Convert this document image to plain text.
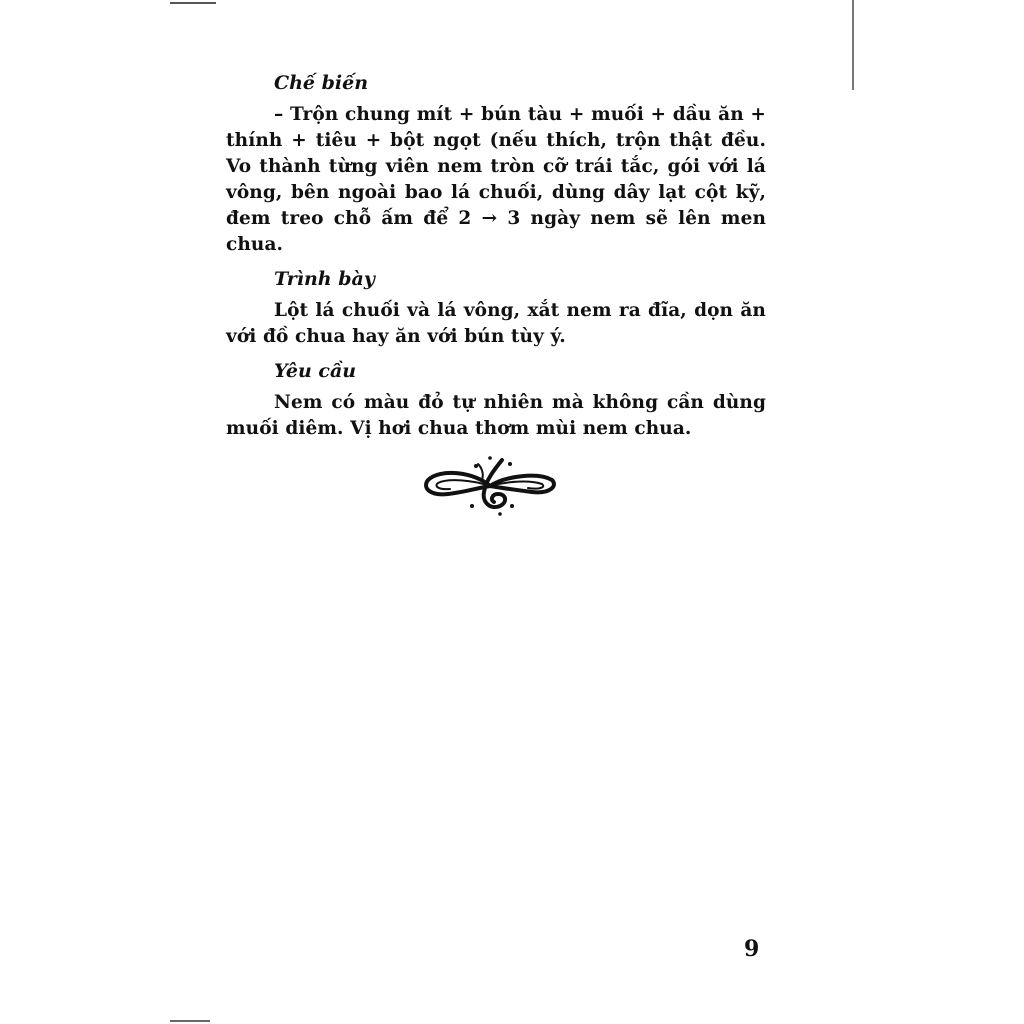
Chế biến

– Trộn chung mít + bún tàu + muối + dầu ăn + thính + tiêu + bột ngọt (nếu thích, trộn thật đều. Vo thành từng viên nem tròn cỡ trái tắc, gói với lá vông, bên ngoài bao lá chuối, dùng dây lạt cột kỹ, đem treo chỗ ấm để 2 → 3 ngày nem sẽ lên men chua.

Trình bày

Lột lá chuối và lá vông, xắt nem ra đĩa, dọn ăn với đồ chua hay ăn với bún tùy ý.

Yêu cầu

Nem có màu đỏ tự nhiên mà không cần dùng muối diêm. Vị hơi chua thơm mùi nem chua.

9
